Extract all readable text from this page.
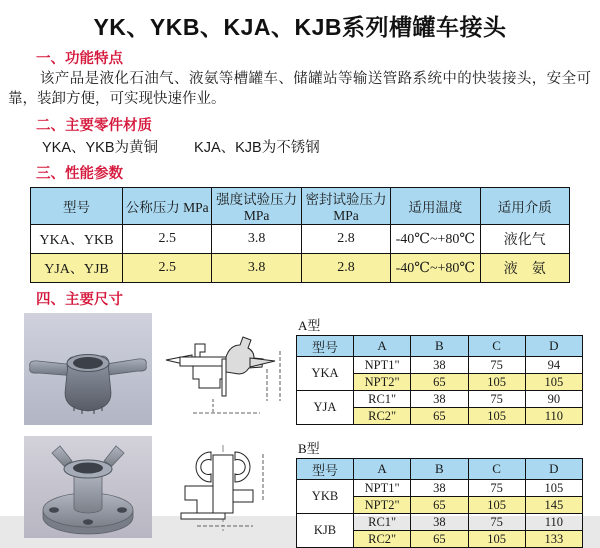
YK、YKB、KJA、KJB系列槽罐车接头
一、功能特点

该产品是液化石油气、液氨等槽罐车、储罐站等输送管路系统中的快装接头，安全可靠，装卸方便，可实现快速作业。

二、主要零件材质
YKA、YKB为黄铜 KJA、KJB为不锈钢
三、性能参数
型号	公称压力 MPa	强度试验压力MPa	密封试验压力MPa	适用温度	适用介质
YKA、YKB	2.5	3.8	2.8	-40℃~+80℃	液化气
YJA、YJB	2.5	3.8	2.8	-40℃~+80℃	液　氨
四、主要尺寸
A型
型号	A	B	C	D
YKA	NPT1"	38	75	94
	NPT2"	65	105	105
YJA	RC1"	38	75	90
	RC2"	65	105	110
B型
型号	A	B	C	D
YKB	NPT1"	38	75	105
	NPT2"	65	105	145
KJB	RC1"	38	75	110
	RC2"	65	105	133
